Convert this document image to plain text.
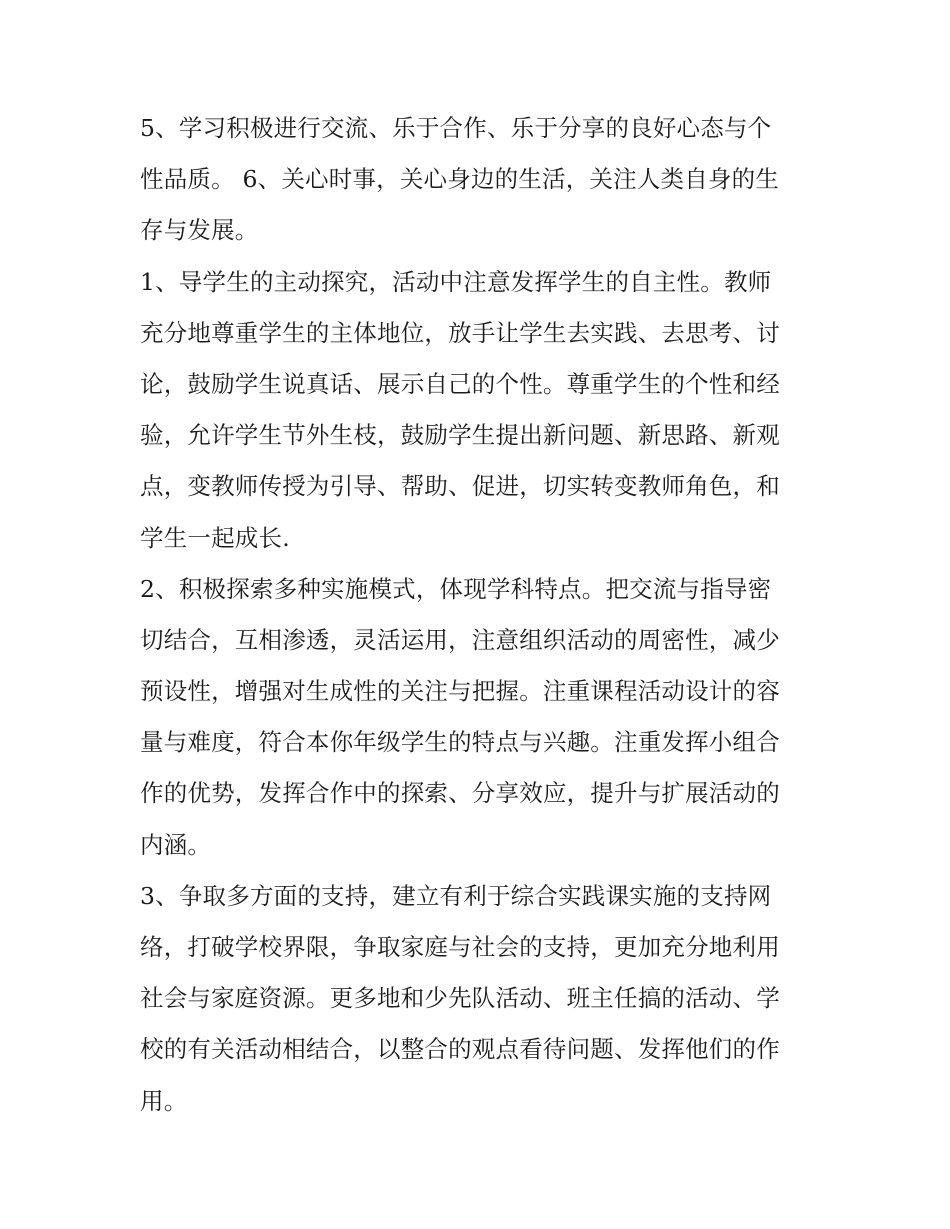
5、学习积极进行交流、乐于合作、乐于分享的良好心态与个
性品质。 6、关心时事，关心身边的生活，关注人类自身的生
存与发展。
1、导学生的主动探究，活动中注意发挥学生的自主性。教师
充分地尊重学生的主体地位，放手让学生去实践、去思考、讨
论，鼓励学生说真话、展示自己的个性。尊重学生的个性和经
验，允许学生节外生枝，鼓励学生提出新问题、新思路、新观
点，变教师传授为引导、帮助、促进，切实转变教师角色，和
学生一起成长.
2、积极探索多种实施模式，体现学科特点。把交流与指导密
切结合，互相渗透，灵活运用，注意组织活动的周密性，减少
预设性，增强对生成性的关注与把握。注重课程活动设计的容
量与难度，符合本你年级学生的特点与兴趣。注重发挥小组合
作的优势，发挥合作中的探索、分享效应，提升与扩展活动的
内涵。
3、争取多方面的支持，建立有利于综合实践课实施的支持网
络，打破学校界限，争取家庭与社会的支持，更加充分地利用
社会与家庭资源。更多地和少先队活动、班主任搞的活动、学
校的有关活动相结合，以整合的观点看待问题、发挥他们的作
用。
